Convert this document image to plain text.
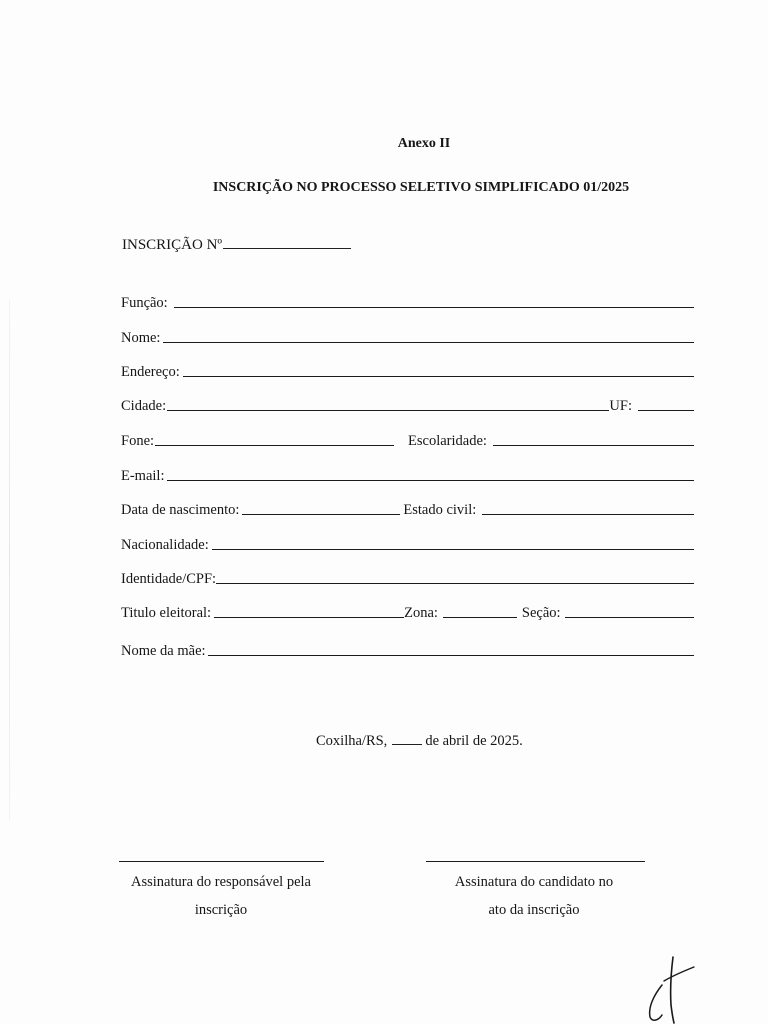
Anexo II
INSCRIÇÃO NO PROCESSO SELETIVO SIMPLIFICADO 01/2025
INSCRIÇÃO Nº
Função:
Nome:
Endereço:
Cidade:	UF:
Fone:	Escolaridade:
E-mail:
Data de nascimento:	Estado civil:
Nacionalidade:
Identidade/CPF:
Titulo eleitoral:	Zona:	Seção:
Nome da mãe:
Coxilha/RS,	de abril de 2025.
Assinatura do responsável pela
inscrição
Assinatura do candidato no
ato da inscrição
